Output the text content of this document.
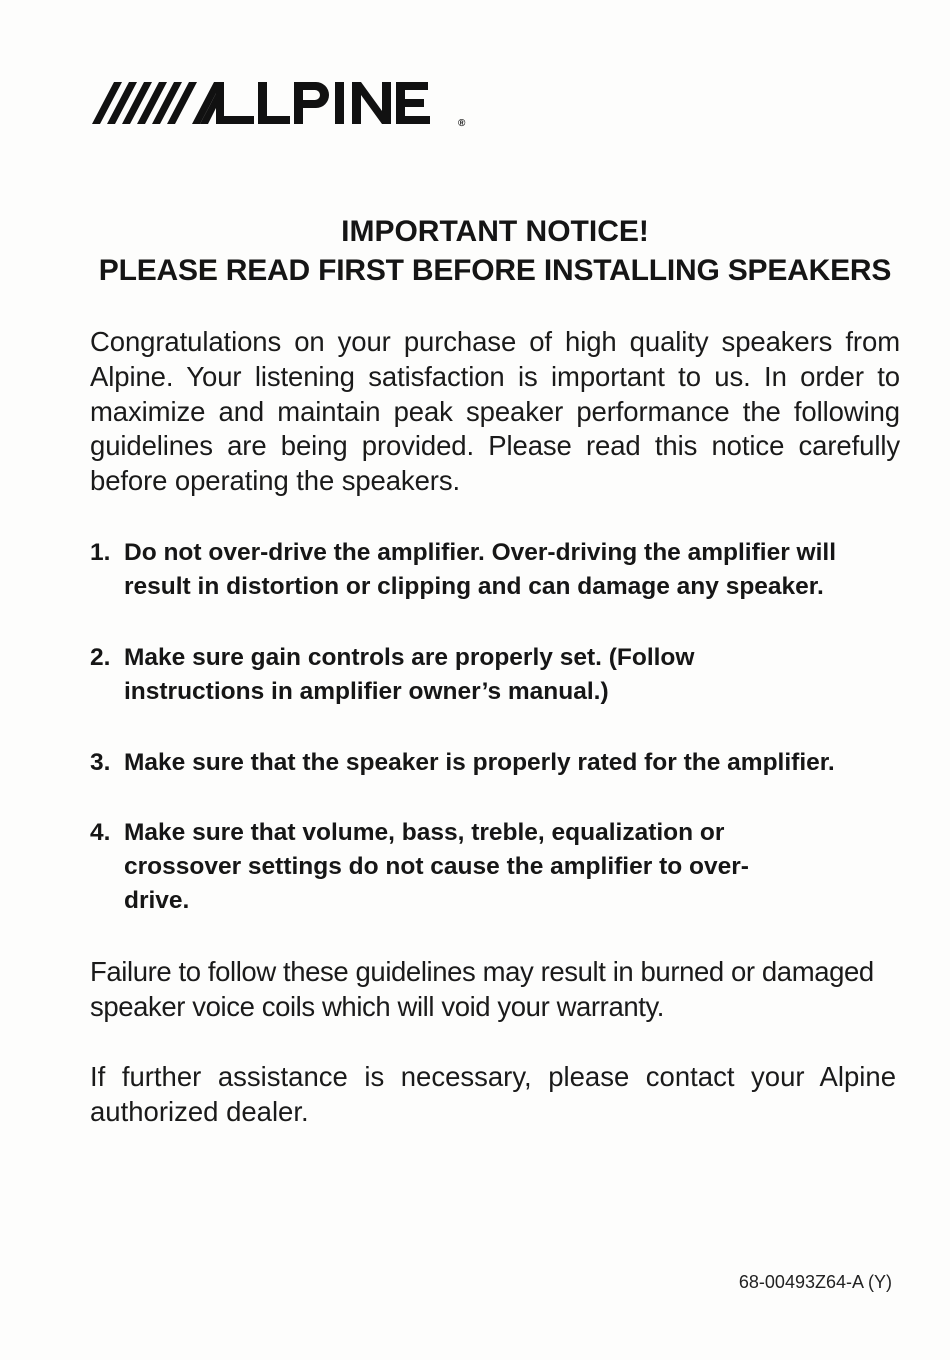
®
IMPORTANT NOTICE!
PLEASE READ FIRST BEFORE INSTALLING SPEAKERS
Congratulations on your purchase of high quality speakers from Alpine. Your listening satisfaction is important to us. In order to maximize and maintain peak speaker performance the following guidelines are being provided. Please read this notice carefully before operating the speakers.
1. Do not over-drive the amplifier. Over-driving the amplifier will result in distortion or clipping and can damage any speaker.
2. Make sure gain controls are properly set. (Follow instructions in amplifier owner’s manual.)
3. Make sure that the speaker is properly rated for the amplifier.
4. Make sure that volume, bass, treble, equalization or crossover settings do not cause the amplifier to over-drive.
Failure to follow these guidelines may result in burned or damaged speaker voice coils which will void your warranty.
If further assistance is necessary, please contact your Alpine authorized dealer.
68-00493Z64-A (Y)
